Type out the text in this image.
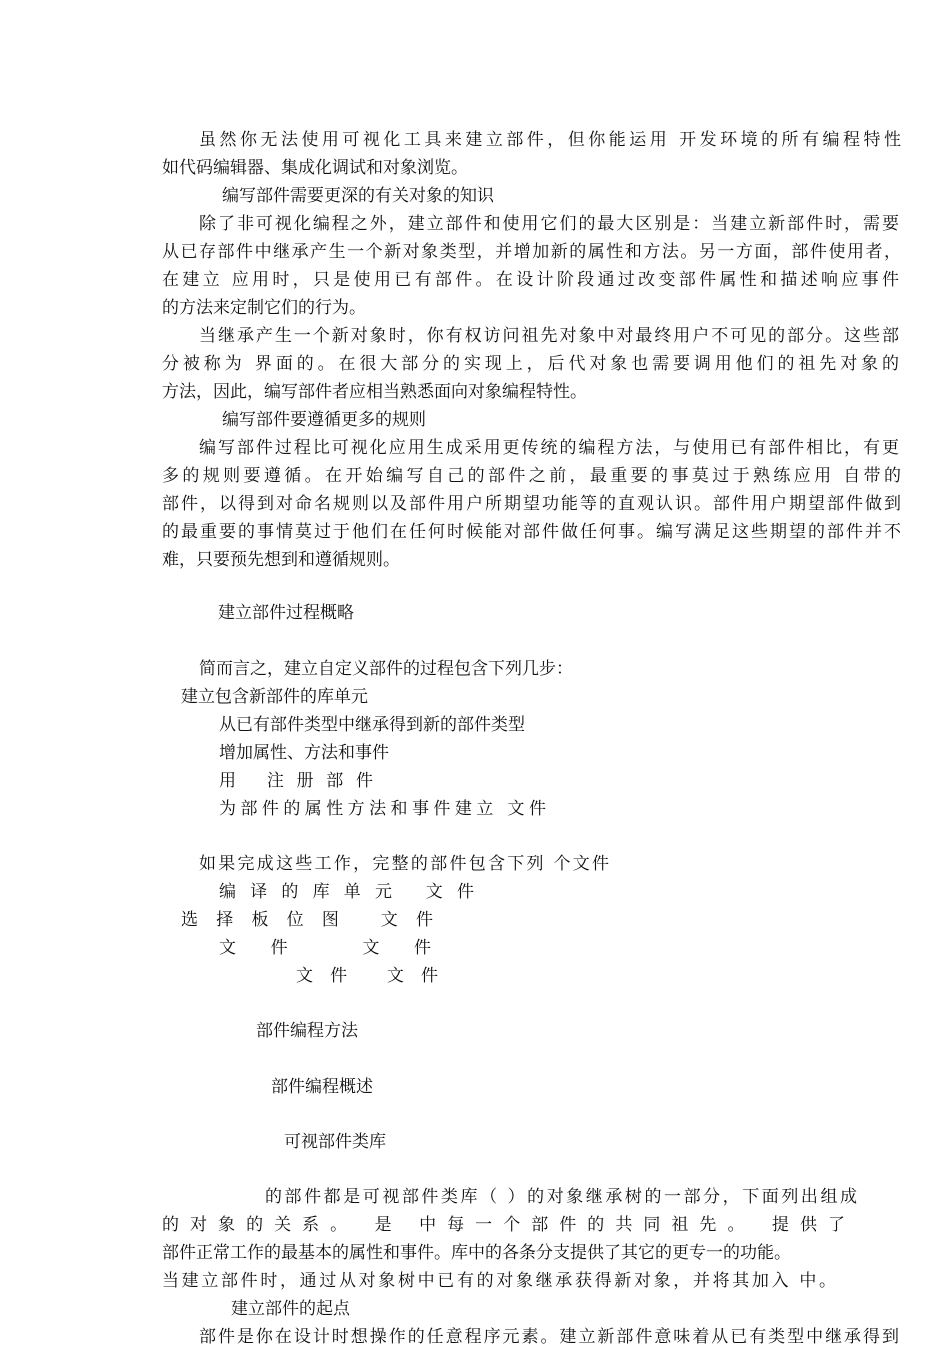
虽然你无法使用可视化工具来建立部件，但你能运用 开发环境的所有编程特性

如代码编辑器、集成化调试和对象浏览。

编写部件需要更深的有关对象的知识

除了非可视化编程之外，建立部件和使用它们的最大区别是：当建立新部件时，需要

从已存部件中继承产生一个新对象类型，并增加新的属性和方法。另一方面，部件使用者，

在建立 应用时，只是使用已有部件。在设计阶段通过改变部件属性和描述响应事件

的方法来定制它们的行为。

当继承产生一个新对象时，你有权访问祖先对象中对最终用户不可见的部分。这些部

分被称为 界面的。在很大部分的实现上，后代对象也需要调用他们的祖先对象的

方法，因此，编写部件者应相当熟悉面向对象编程特性。

编写部件要遵循更多的规则

编写部件过程比可视化应用生成采用更传统的编程方法，与使用已有部件相比，有更

多的规则要遵循。在开始编写自己的部件之前，最重要的事莫过于熟练应用 自带的

部件，以得到对命名规则以及部件用户所期望功能等的直观认识。部件用户期望部件做到

的最重要的事情莫过于他们在任何时候能对部件做任何事。编写满足这些期望的部件并不

难，只要预先想到和遵循规则。

建立部件过程概略

简而言之，建立自定义部件的过程包含下列几步：

建立包含新部件的库单元

从已有部件类型中继承得到新的部件类型

增加属性、方法和事件

用 注册部件

为部件的属性方法和事件建立 文件

如果完成这些工作，完整的部件包含下列 个文件

编译的库单元 文件

选择板位图 文件

文件 文件

文件 文件

部件编程方法

部件编程概述

可视部件类库

的部件都是可视部件类库（ ）的对象继承树的一部分，下面列出组成

的对象的关系。 是 中每一个部件的共同祖先。 提供了

部件正常工作的最基本的属性和事件。库中的各条分支提供了其它的更专一的功能。

当建立部件时，通过从对象树中已有的对象继承获得新对象，并将其加入 中。

建立部件的起点

部件是你在设计时想操作的任意程序元素。建立新部件意味着从已有类型中继承得到
